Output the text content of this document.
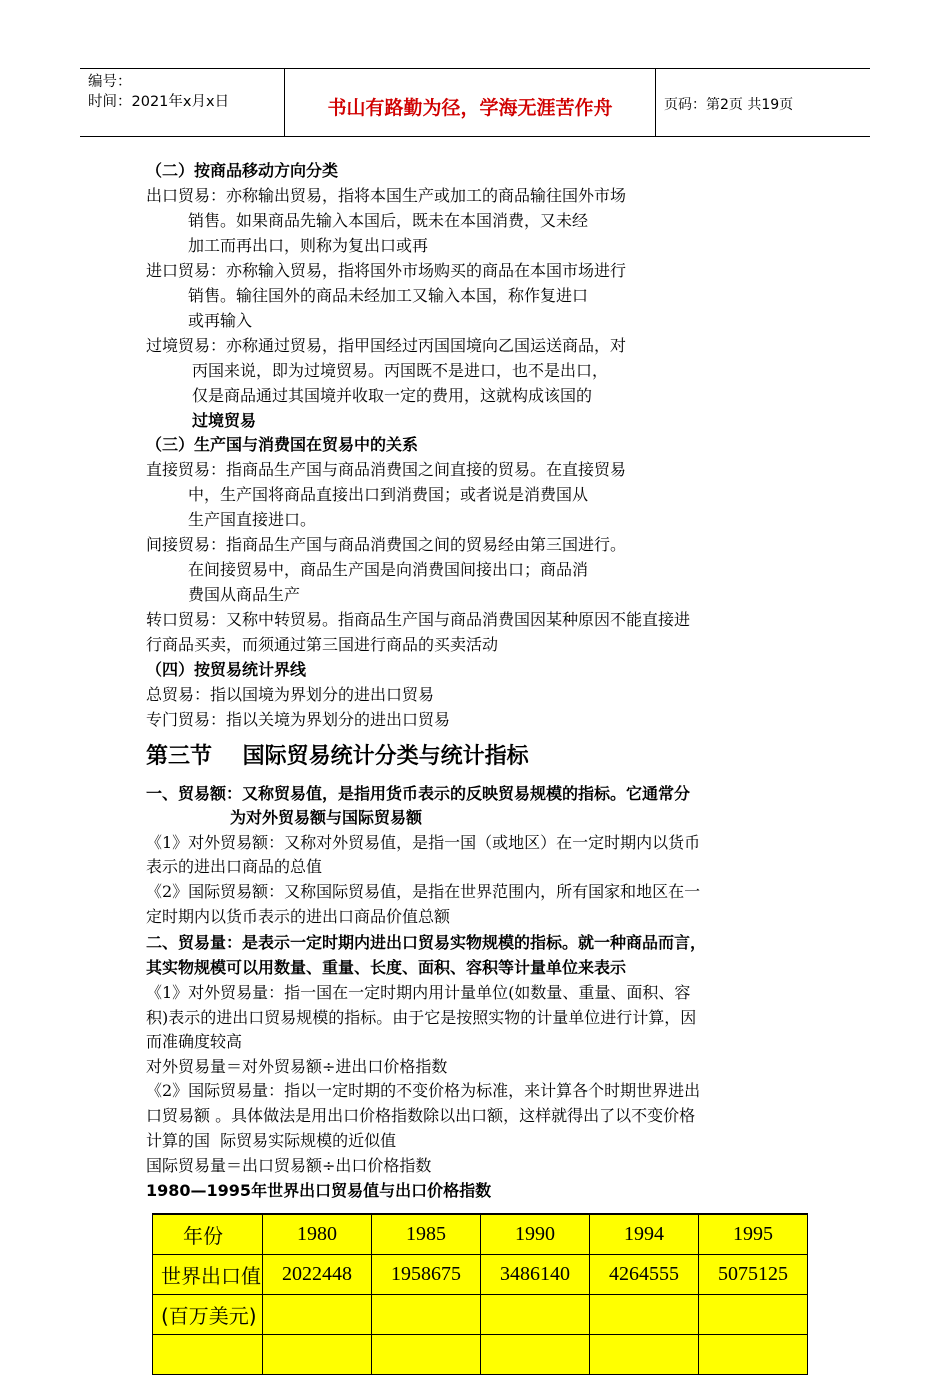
编号：
时间：2021年x月x日	书山有路勤为径，学海无涯苦作舟	页码：第2页 共19页
（二）按商品移动方向分类
出口贸易：亦称输出贸易，指将本国生产或加工的商品输往国外市场
销售。如果商品先输入本国后，既未在本国消费，又未经
加工而再出口，则称为复出口或再
进口贸易：亦称输入贸易，指将国外市场购买的商品在本国市场进行
销售。输往国外的商品未经加工又输入本国，称作复进口
或再输入
过境贸易：亦称通过贸易，指甲国经过丙国国境向乙国运送商品，对
丙国来说，即为过境贸易。丙国既不是进口，也不是出口，
仅是商品通过其国境并收取一定的费用，这就构成该国的
过境贸易
（三）生产国与消费国在贸易中的关系
直接贸易：指商品生产国与商品消费国之间直接的贸易。在直接贸易
中，生产国将商品直接出口到消费国；或者说是消费国从
生产国直接进口。
间接贸易：指商品生产国与商品消费国之间的贸易经由第三国进行。
在间接贸易中，商品生产国是向消费国间接出口；商品消
费国从商品生产
转口贸易：又称中转贸易。指商品生产国与商品消费国因某种原因不能直接进
行商品买卖，而须通过第三国进行商品的买卖活动
（四）按贸易统计界线
总贸易：指以国境为界划分的进出口贸易
专门贸易：指以关境为界划分的进出口贸易
第三节    国际贸易统计分类与统计指标
一、贸易额：又称贸易值，是指用货币表示的反映贸易规模的指标。它通常分
为对外贸易额与国际贸易额
《1》对外贸易额：又称对外贸易值，是指一国（或地区）在一定时期内以货币
表示的进出口商品的总值
《2》国际贸易额：又称国际贸易值，是指在世界范围内，所有国家和地区在一
定时期内以货币表示的进出口商品价值总额
二、贸易量：是表示一定时期内进出口贸易实物规模的指标。就一种商品而言，
其实物规模可以用数量、重量、长度、面积、容积等计量单位来表示
《1》对外贸易量：指一国在一定时期内用计量单位(如数量、重量、面积、容
积)表示的进出口贸易规模的指标。由于它是按照实物的计量单位进行计算，因
而准确度较高
对外贸易量＝对外贸易额÷进出口价格指数
《2》国际贸易量：指以一定时期的不变价格为标准，来计算各个时期世界进出
口贸易额 。具体做法是用出口价格指数除以出口额，这样就得出了以不变价格
计算的国  际贸易实际规模的近似值
国际贸易量＝出口贸易额÷出口价格指数
1980—1995年世界出口贸易值与出口价格指数
年份	1980	1985	1990	1994	1995
世界出口值	2022448	1958675	3486140	4264555	5075125
(百万美元)					
